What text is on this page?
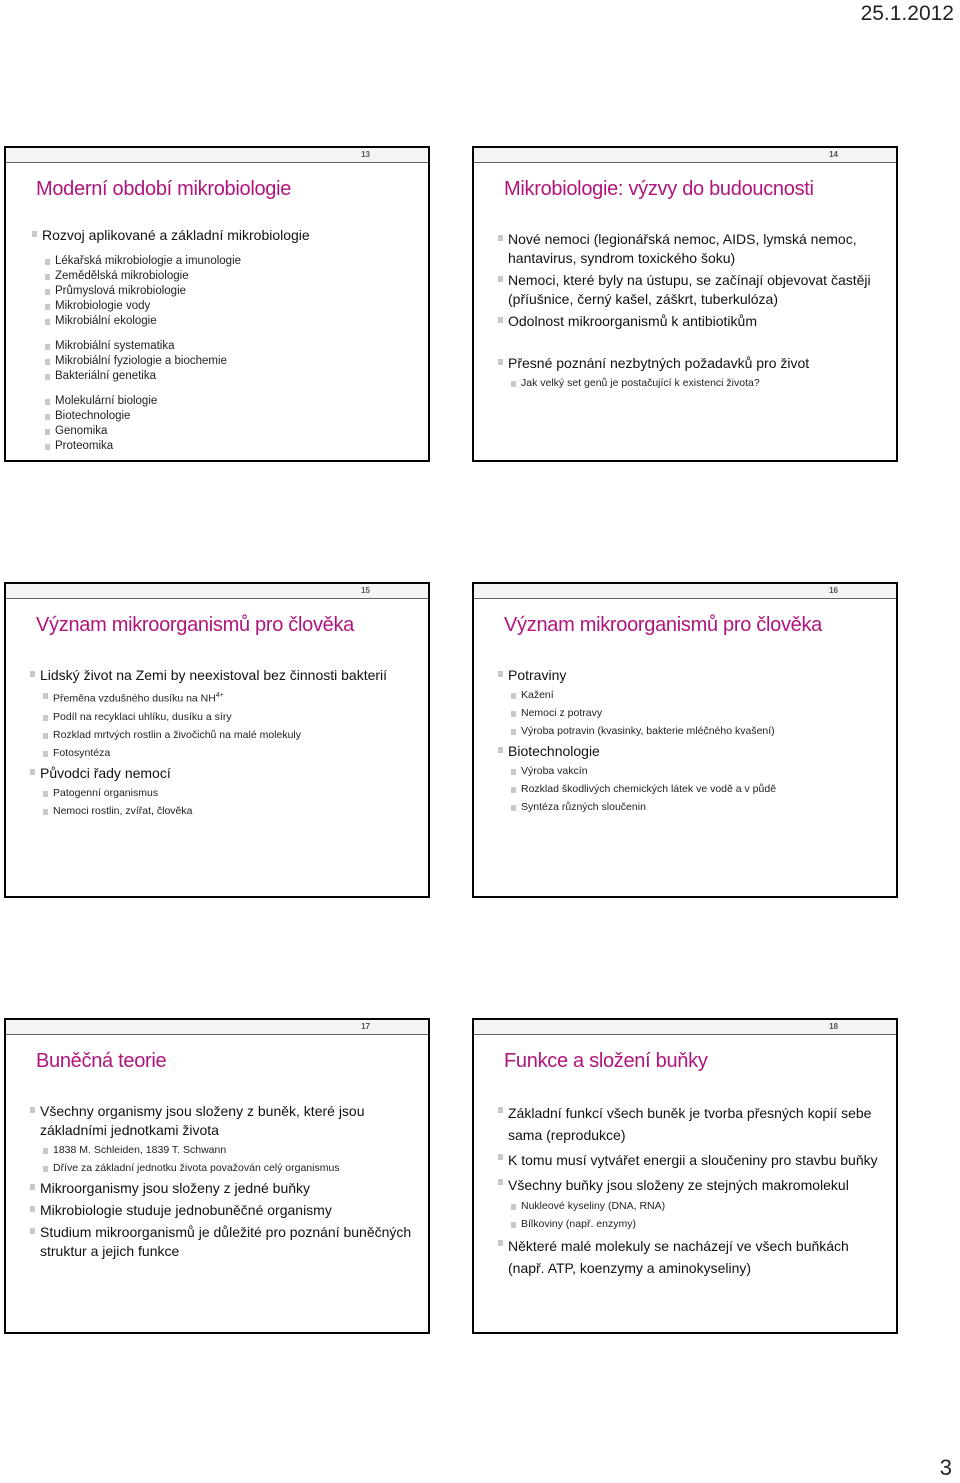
25.1.2012
13
Moderní období mikrobiologie
Rozvoj aplikované a základní mikrobiologie
Lékařská mikrobiologie a imunologie
Zemědělská mikrobiologie
Průmyslová mikrobiologie
Mikrobiologie vody
Mikrobiální ekologie
Mikrobiální systematika
Mikrobiální fyziologie a biochemie
Bakteriální genetika
Molekulární biologie
Biotechnologie
Genomika
Proteomika
14
Mikrobiologie: výzvy do budoucnosti
Nové nemoci (legionářská nemoc, AIDS, lymská nemoc, hantavirus, syndrom toxického šoku)
Nemoci, které byly na ústupu, se začínají objevovat častěji (příušnice, černý kašel, záškrt, tuberkulóza)
Odolnost mikroorganismů k antibiotikům
Přesné poznání nezbytných požadavků pro život
Jak velký set genů je postačující k existenci života?
15
Význam mikroorganismů pro člověka
Lidský život na Zemi by neexistoval bez činnosti bakterií
Přeměna vzdušného dusíku na $NH^{4+}$
Podíl na recyklaci uhlíku, dusíku a síry
Rozklad mrtvých rostlin a živočichů na malé molekuly
Fotosyntéza
Původci řady nemocí
Patogenní organismus
Nemoci rostlin, zvířat, člověka
16
Význam mikroorganismů pro člověka
Potraviny
Kažení
Nemoci z potravy
Výroba potravin (kvasinky, bakterie mléčného kvašení)
Biotechnologie
Výroba vakcín
Rozklad škodlivých chemických látek ve vodě a v půdě
Syntéza různých sloučenin
17
Buněčná teorie
Všechny organismy jsou složeny z buněk, které jsou základními jednotkami života
1838 M. Schleiden, 1839 T. Schwann
Dříve za základní jednotku života považován celý organismus
Mikroorganismy jsou složeny z jedné buňky
Mikrobiologie studuje jednobuněčné organismy
Studium mikroorganismů je důležité pro poznání buněčných struktur a jejich funkce
18
Funkce a složení buňky
Základní funkcí všech buněk je tvorba přesných kopií sebe sama (reprodukce)
K tomu musí vytvářet energii a sloučeniny pro stavbu buňky
Všechny buňky jsou složeny ze stejných makromolekul
Nukleové kyseliny (DNA, RNA)
Bílkoviny (např. enzymy)
Některé malé molekuly se nacházejí ve všech buňkách (např. ATP, koenzymy a aminokyseliny)
3
